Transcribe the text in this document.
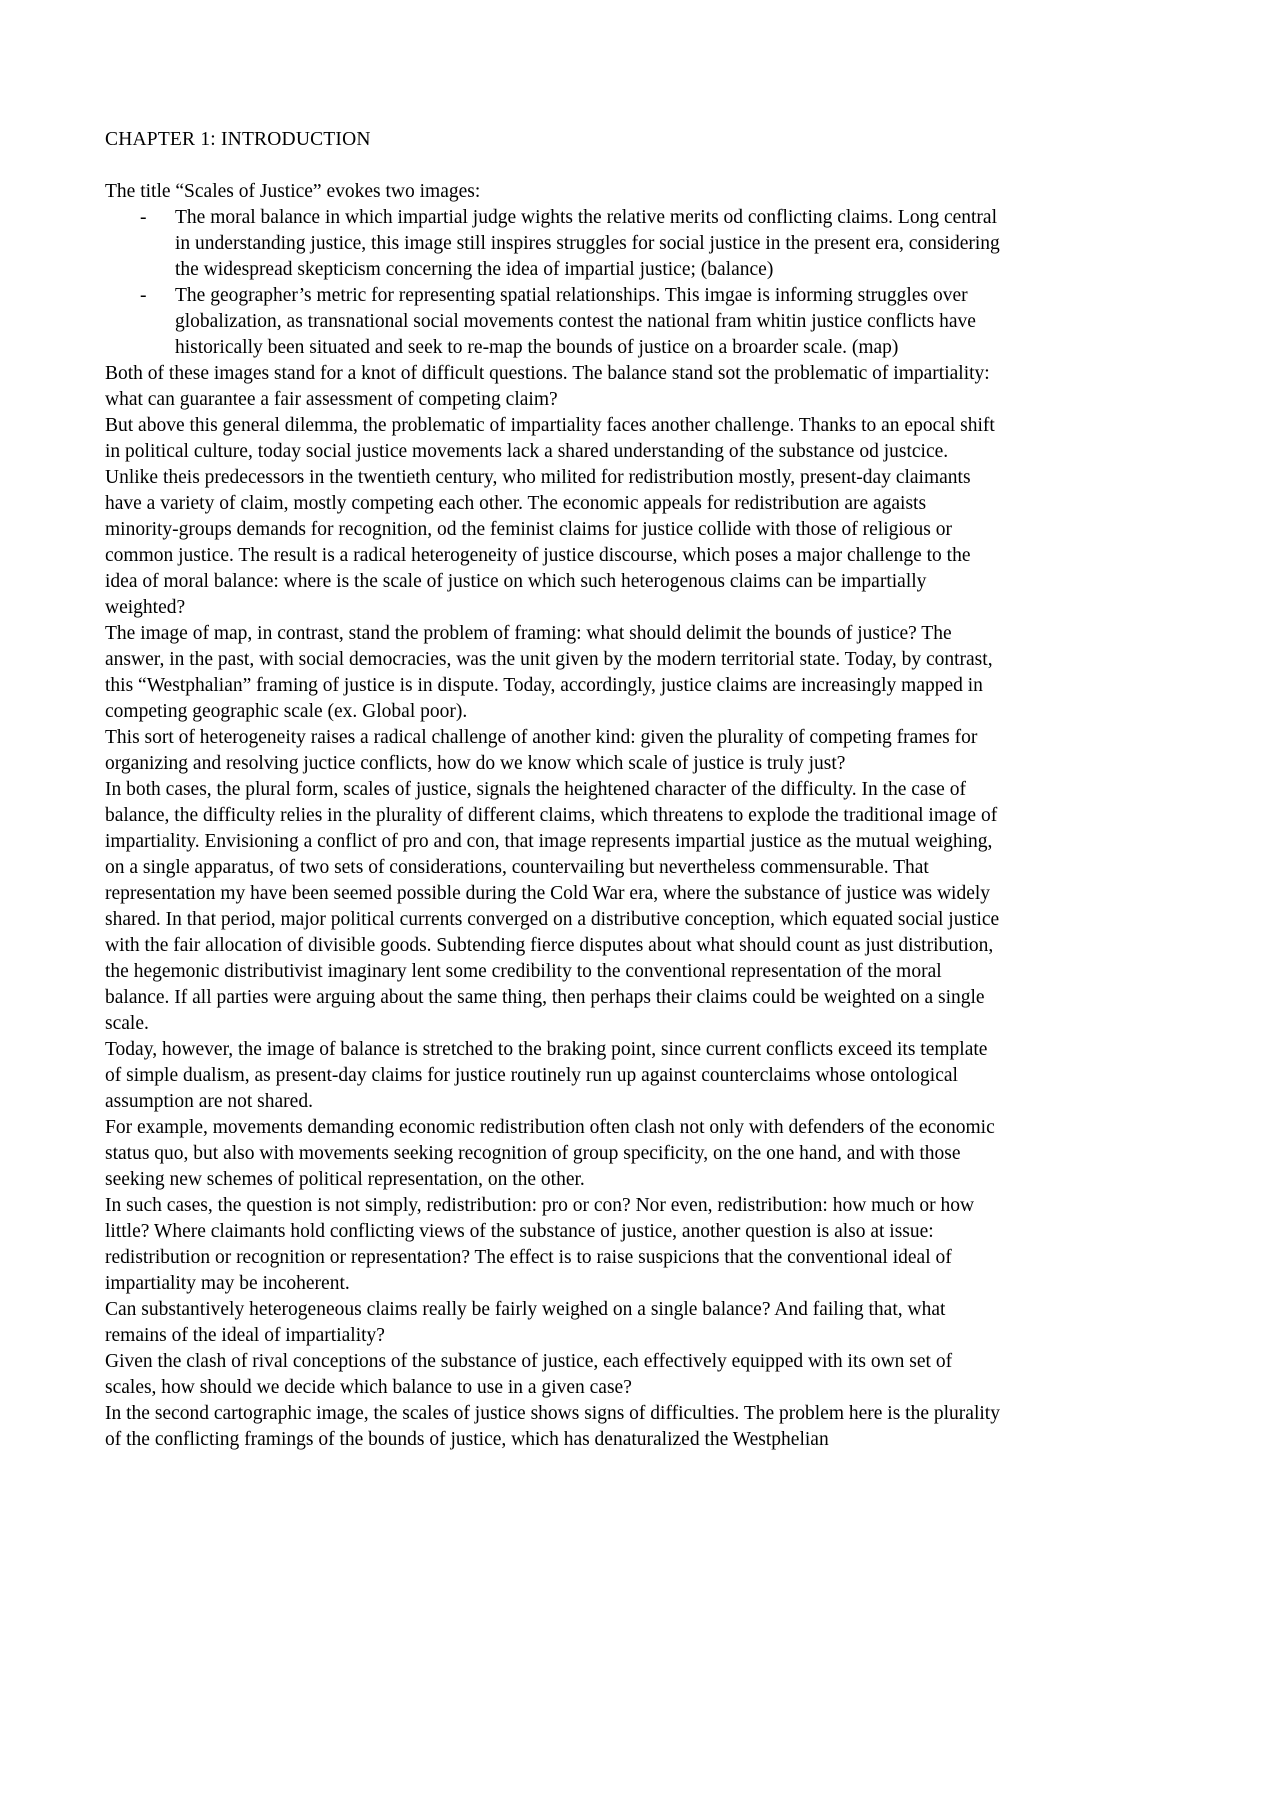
CHAPTER 1: INTRODUCTION

The title “Scales of Justice” evokes two images:

- The moral balance in which impartial judge wights the relative merits od conflicting claims. Long central in understanding justice, this image still inspires struggles for social justice in the present era, considering the widespread skepticism concerning the idea of impartial justice; (balance)
- The geographer’s metric for representing spatial relationships. This imgae is informing struggles over globalization, as transnational social movements contest the national fram whitin justice conflicts have historically been situated and seek to re-map the bounds of justice on a broarder scale. (map)

Both of these images stand for a knot of difficult questions. The balance stand sot the problematic of impartiality: what can guarantee a fair assessment of competing claim?

But above this general dilemma, the problematic of impartiality faces another challenge. Thanks to an epocal shift in political culture, today social justice movements lack a shared understanding of the substance od justcice. Unlike theis predecessors in the twentieth century, who milited for redistribution mostly, present-day claimants have a variety of claim, mostly competing each other. The economic appeals for redistribution are agaists minority-groups demands for recognition, od the feminist claims for justice collide with those of religious or common justice. The result is a radical heterogeneity of justice discourse, which poses a major challenge to the idea of moral balance: where is the scale of justice on which such heterogenous claims can be impartially weighted?

The image of map, in contrast, stand the problem of framing: what should delimit the bounds of justice? The answer, in the past, with social democracies, was the unit given by the modern territorial state. Today, by contrast, this “Westphalian” framing of justice is in dispute. Today, accordingly, justice claims are increasingly mapped in competing geographic scale (ex. Global poor).

This sort of heterogeneity raises a radical challenge of another kind: given the plurality of competing frames for organizing and resolving juctice conflicts, how do we know which scale of justice is truly just?

In both cases, the plural form, scales of justice, signals the heightened character of the difficulty. In the case of balance, the difficulty relies in the plurality of different claims, which threatens to explode the traditional image of impartiality. Envisioning a conflict of pro and con, that image represents impartial justice as the mutual weighing, on a single apparatus, of two sets of considerations, countervailing but nevertheless commensurable. That representation my have been seemed possible during the Cold War era, where the substance of justice was widely shared. In that period, major political currents converged on a distributive conception, which equated social justice with the fair allocation of divisible goods. Subtending fierce disputes about what should count as just distribution, the hegemonic distributivist imaginary lent some credibility to the conventional representation of the moral balance. If all parties were arguing about the same thing, then perhaps their claims could be weighted on a single scale.

Today, however, the image of balance is stretched to the braking point, since current conflicts exceed its template of simple dualism, as present-day claims for justice routinely run up against counterclaims whose ontological assumption are not shared.

For example, movements demanding economic redistribution often clash not only with defenders of the economic status quo, but also with movements seeking recognition of group specificity, on the one hand, and with those seeking new schemes of political representation, on the other.

In such cases, the question is not simply, redistribution: pro or con? Nor even, redistribution: how much or how little? Where claimants hold conflicting views of the substance of justice, another question is also at issue: redistribution or recognition or representation? The effect is to raise suspicions that the conventional ideal of impartiality may be incoherent.

Can substantively heterogeneous claims really be fairly weighed on a single balance? And failing that, what remains of the ideal of impartiality?

Given the clash of rival conceptions of the substance of justice, each effectively equipped with its own set of scales, how should we decide which balance to use in a given case?

In the second cartographic image, the scales of justice shows signs of difficulties. The problem here is the plurality of the conflicting framings of the bounds of justice, which has denaturalized the Westphelian
